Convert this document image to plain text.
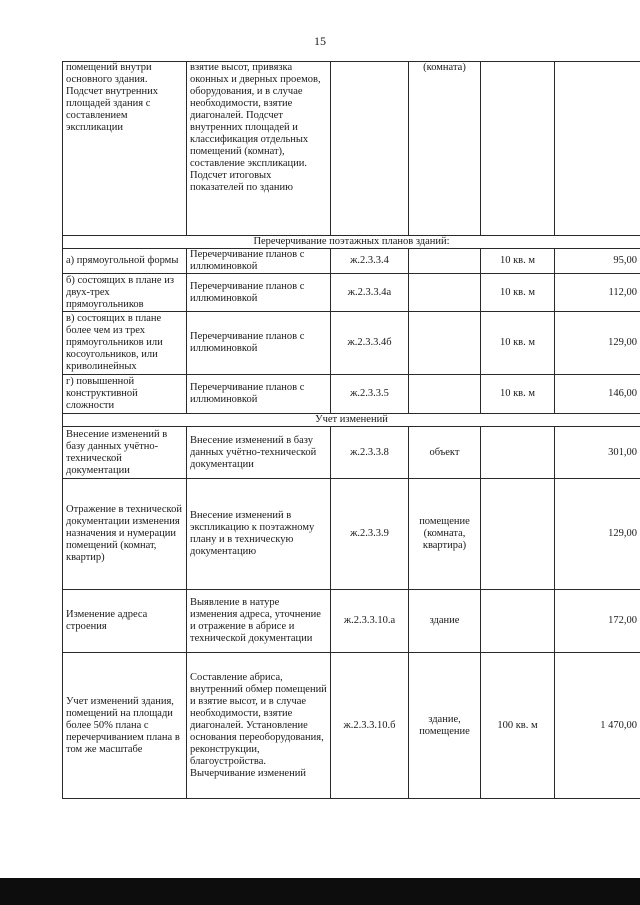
15
помещений внутри основного здания. Подсчет внутренних площадей здания с составлением экспликации	взятие высот, привязка оконных и дверных проемов, оборудования, и в случае необходимости, взятие диагоналей. Подсчет внутренних площадей и классификация отдельных помещений (комнат), составление экспликации. Подсчет итоговых показателей по зданию		(комната)		
Перечерчивание поэтажных планов зданий:					
а) прямоугольной формы	Перечерчивание планов с иллюминовкой	ж.2.3.3.4		10 кв. м	95,00
б) состоящих в плане из двух-трех прямоугольников	Перечерчивание планов с иллюминовкой	ж.2.3.3.4а		10 кв. м	112,00
в) состоящих в плане более чем из трех прямоугольников или косоугольников, или криволинейных	Перечерчивание планов с иллюминовкой	ж.2.3.3.4б		10 кв. м	129,00
г) повышенной конструктивной сложности	Перечерчивание планов с иллюминовкой	ж.2.3.3.5		10 кв. м	146,00
Учет изменений					
Внесение изменений в базу данных учётно-технической документации	Внесение изменений в базу данных учётно-технической документации	ж.2.3.3.8	объект		301,00
Отражение в технической документации изменения назначения и нумерации помещений (комнат, квартир)	Внесение изменений в экспликацию к поэтажному плану и в техническую документацию	ж.2.3.3.9	помещение (комната, квартира)		129,00
Изменение адреса строения	Выявление в натуре изменения адреса, уточнение и отражение в абрисе и технической документации	ж.2.3.3.10.а	здание		172,00
Учет изменений здания, помещений на площади более 50% плана с перечерчиванием плана в том же масштабе	Составление абриса, внутренний обмер помещений и взятие высот, и в случае необходимости, взятие диагоналей. Установление основания переоборудования, реконструкции, благоустройства. Вычерчивание изменений	ж.2.3.3.10.б	здание, помещение	100 кв. м	1 470,00
